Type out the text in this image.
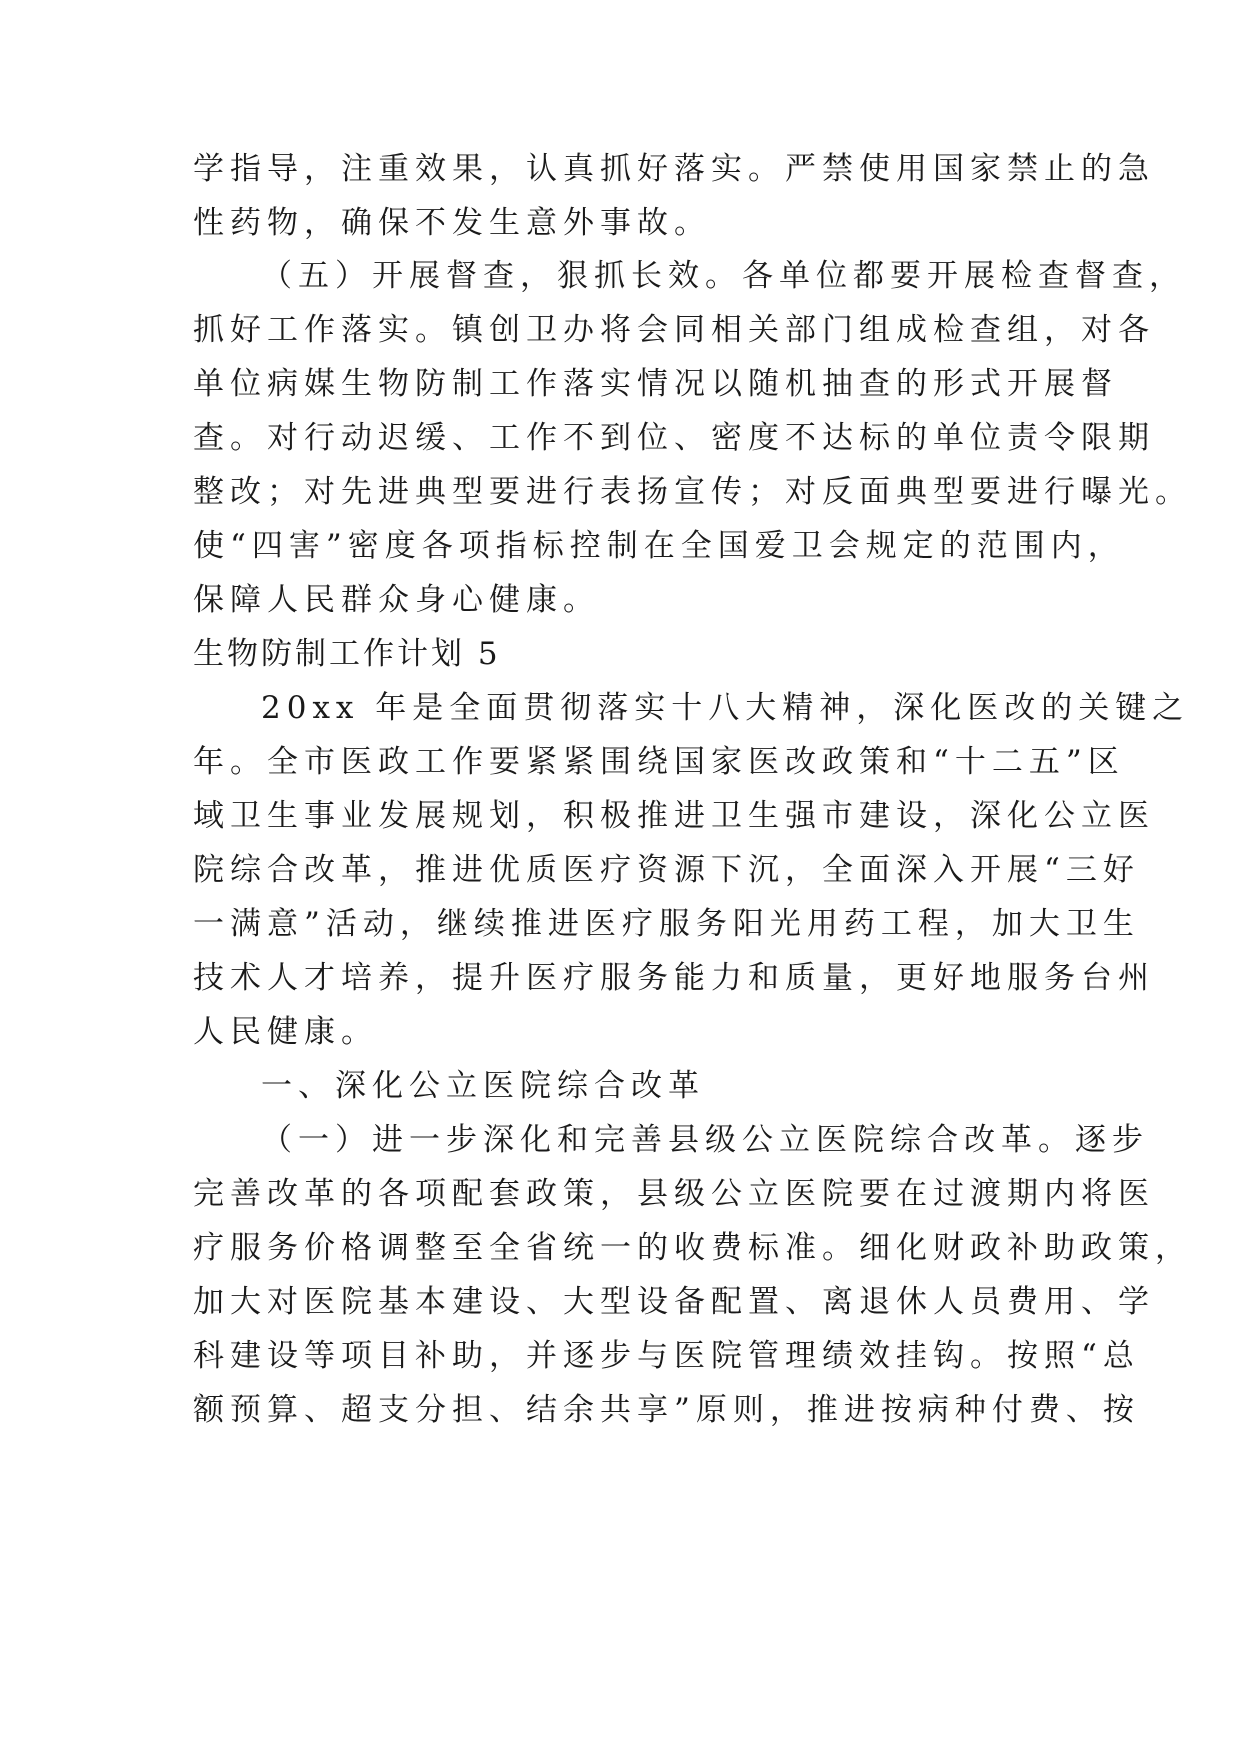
学指导，注重效果，认真抓好落实。严禁使用国家禁止的急
性药物，确保不发生意外事故。
（五）开展督查，狠抓长效。各单位都要开展检查督查，
抓好工作落实。镇创卫办将会同相关部门组成检查组，对各
单位病媒生物防制工作落实情况以随机抽查的形式开展督
查。对行动迟缓、工作不到位、密度不达标的单位责令限期
整改；对先进典型要进行表扬宣传；对反面典型要进行曝光。
使“四害”密度各项指标控制在全国爱卫会规定的范围内，
保障人民群众身心健康。
生物防制工作计划 5
20xx 年是全面贯彻落实十八大精神，深化医改的关键之
年。全市医政工作要紧紧围绕国家医改政策和“十二五”区
域卫生事业发展规划，积极推进卫生强市建设，深化公立医
院综合改革，推进优质医疗资源下沉，全面深入开展“三好
一满意”活动，继续推进医疗服务阳光用药工程，加大卫生
技术人才培养，提升医疗服务能力和质量，更好地服务台州
人民健康。
一、深化公立医院综合改革
（一）进一步深化和完善县级公立医院综合改革。逐步
完善改革的各项配套政策，县级公立医院要在过渡期内将医
疗服务价格调整至全省统一的收费标准。细化财政补助政策，
加大对医院基本建设、大型设备配置、离退休人员费用、学
科建设等项目补助，并逐步与医院管理绩效挂钩。按照“总
额预算、超支分担、结余共享”原则，推进按病种付费、按
